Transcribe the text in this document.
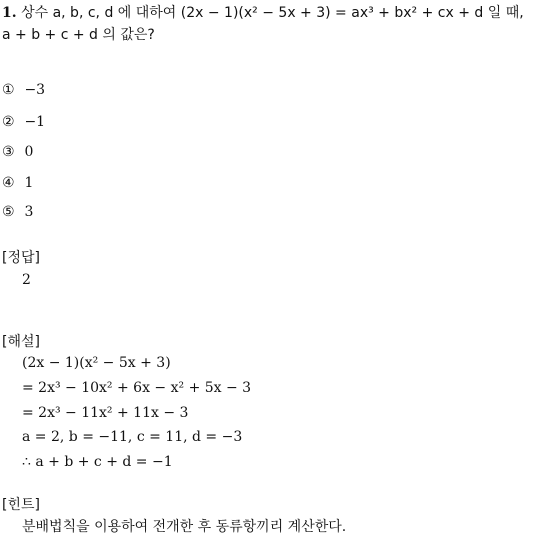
1. 상수 a, b, c, d 에 대하여 (2x − 1)(x² − 5x + 3) = ax³ + bx² + cx + d 일 때,
a + b + c + d 의 값은?
① −3
② −1
③ 0
④ 1
⑤ 3
[정답]
2
[해설]
(2x − 1)(x² − 5x + 3)
= 2x³ − 10x² + 6x − x² + 5x − 3
= 2x³ − 11x² + 11x − 3
a = 2, b = −11, c = 11, d = −3
∴ a + b + c + d = −1
[힌트]
분배법칙을 이용하여 전개한 후 동류항끼리 계산한다.
